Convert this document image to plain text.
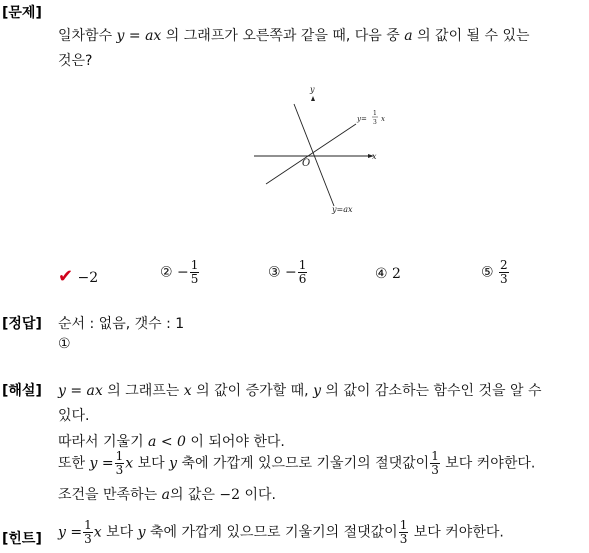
[문제]
일차함수 y = ax 의 그래프가 오른쪽과 같을 때, 다음 중 a 의 값이 될 수 있는
것은?
y
x
O
y=
1
3 x
y=ax
✔ −2	② − $\frac{1}{5}$	③ − $\frac{1}{6}$	④ 2	⑤ $\frac{2}{3}$
[정답] 순서 : 없음, 갯수 : 1
①
[해설] y = ax 의 그래프는 x 의 값이 증가할 때, y 의 값이 감소하는 함수인 것을 알 수
있다.
따라서 기울기 a < 0 이 되어야 한다.
또한 $y = \frac{1}{3}$ x 보다 y 축에 가깝게 있으므로 기울기의 절댓값이 $\frac{1}{3}$ 보다 커야한다.
조건을 만족하는 a의 값은 −2 이다.
[힌트] $y = \frac{1}{3}$ x 보다 y 축에 가깝게 있으므로 기울기의 절댓값이 $\frac{1}{3}$ 보다 커야한다.
